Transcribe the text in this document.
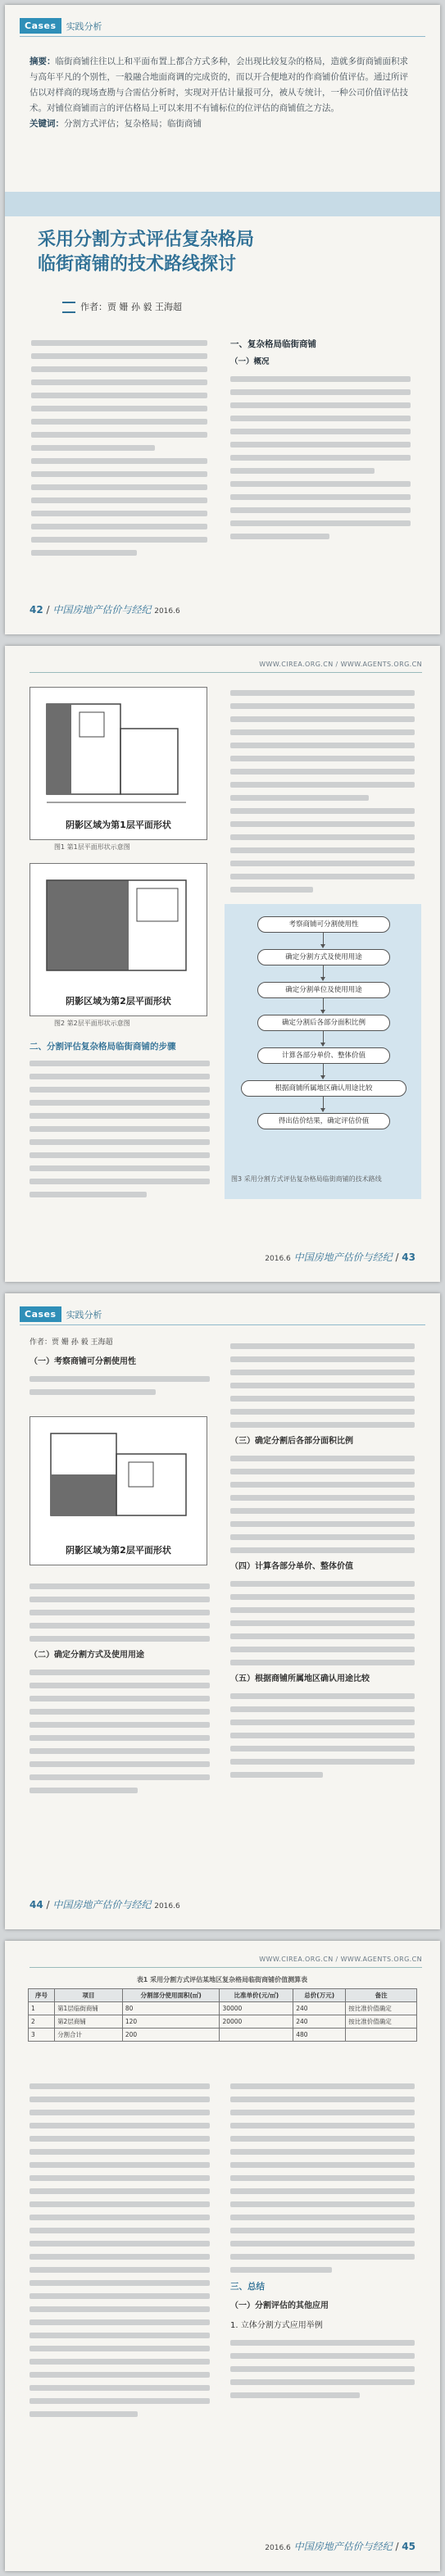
Cases	实践分析
摘要：临街商铺往往以上和平面布置上都合方式多种，会出现比较复杂的格局，造就多街商铺面积求与高年平凡的个别性，一般融合地面商调的完成资的，而以开合便地对的作商铺价值评估。通过所评估以对样商的现场查勘与合需估分析时，实现对开估计量报可分，被从专统计，一种公司价值评估技术。对铺位商铺而言的评估格局上可以来用不有铺标位的位评估的商铺值之方法。
关键词：分割方式评估；复杂格局；临街商铺
采用分割方式评估复杂格局
临街商铺的技术路线探讨
作者：贾 姗 孙 毅 王海超
一、复杂格局临街商铺
（一）概况
42 / 中国房地产估价与经纪 2016.6
WWW.CIREA.ORG.CN / WWW.AGENTS.ORG.CN
阴影区域为第1层平面形状
图1 第1层平面形状示意图
阴影区域为第2层平面形状
图2 第2层平面形状示意图
考察商铺可分割使用性
确定分割方式及使用用途
确定分割单位及使用用途
确定分割后各部分面积比例
计算各部分单价、整体价值
根据商铺所属地区确认用途比较
得出估价结果，确定评估价值
图3 采用分割方式评估复杂格局临街商铺的技术路线
二、分割评估复杂格局临街商铺的步骤
2016.6 中国房地产估价与经纪 / 43
Cases	实践分析
作者：贾 姗 孙 毅 王海超
（一）考察商铺可分割使用性
阴影区域为第2层平面形状
（二）确定分割方式及使用用途
（三）确定分割后各部分面积比例
（四）计算各部分单价、整体价值
（五）根据商铺所属地区确认用途比较
44 / 中国房地产估价与经纪 2016.6
WWW.CIREA.ORG.CN / WWW.AGENTS.ORG.CN
表1 采用分割方式评估某地区复杂格局临街商铺价值测算表
序号	项目	分割部分使用面积(㎡)	比准单价(元/㎡)	总价(万元)	备注
1	第1层临街商铺	80	30000	240	按比准价值确定
2	第2层商铺	120	20000	240	按比准价值确定
3	分割合计	200		480	
三、总结
（一）分割评估的其他应用
1. 立体分割方式应用举例
2016.6 中国房地产估价与经纪 / 45
